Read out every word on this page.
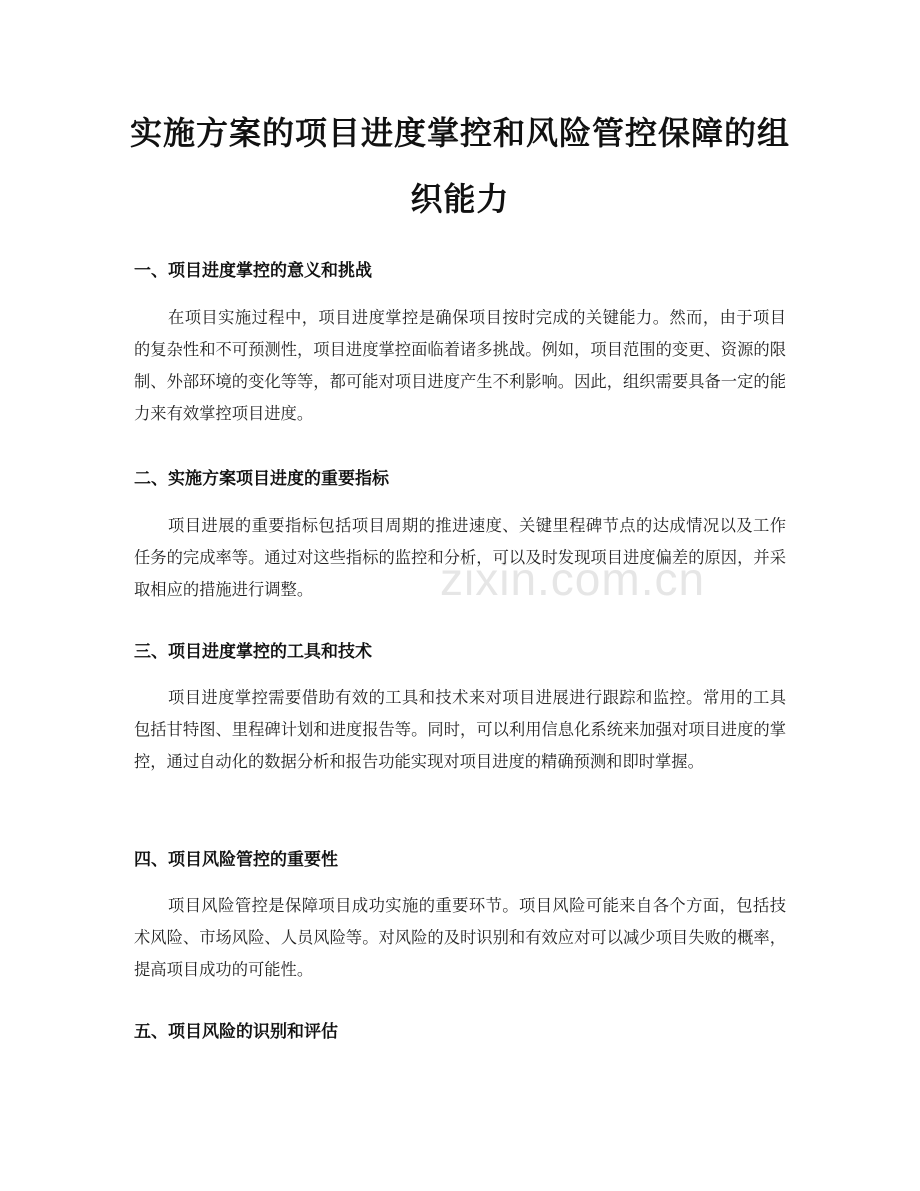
实施方案的项目进度掌控和风险管控保障的组织能力
zixin.com.cn
一、项目进度掌控的意义和挑战
在项目实施过程中，项目进度掌控是确保项目按时完成的关键能力。然而，由于项目的复杂性和不可预测性，项目进度掌控面临着诸多挑战。例如，项目范围的变更、资源的限制、外部环境的变化等等，都可能对项目进度产生不利影响。因此，组织需要具备一定的能力来有效掌控项目进度。
二、实施方案项目进度的重要指标
项目进展的重要指标包括项目周期的推进速度、关键里程碑节点的达成情况以及工作任务的完成率等。通过对这些指标的监控和分析，可以及时发现项目进度偏差的原因，并采取相应的措施进行调整。
三、项目进度掌控的工具和技术
项目进度掌控需要借助有效的工具和技术来对项目进展进行跟踪和监控。常用的工具包括甘特图、里程碑计划和进度报告等。同时，可以利用信息化系统来加强对项目进度的掌控，通过自动化的数据分析和报告功能实现对项目进度的精确预测和即时掌握。
四、项目风险管控的重要性
项目风险管控是保障项目成功实施的重要环节。项目风险可能来自各个方面，包括技术风险、市场风险、人员风险等。对风险的及时识别和有效应对可以减少项目失败的概率，提高项目成功的可能性。
五、项目风险的识别和评估
